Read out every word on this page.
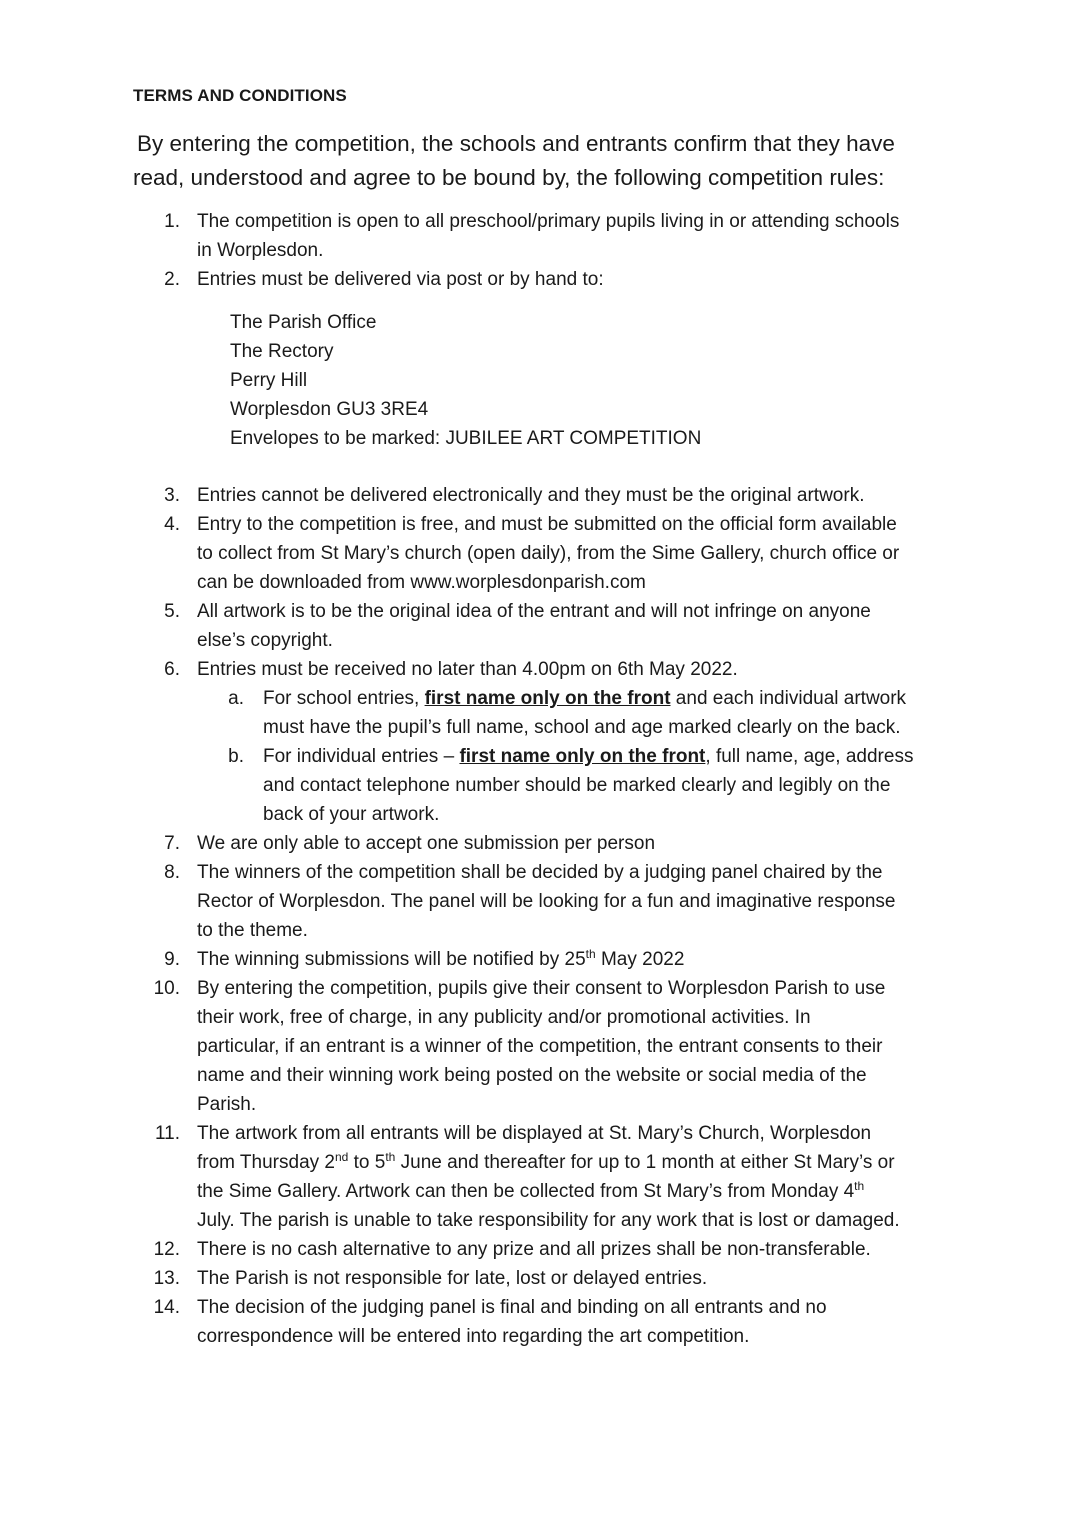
TERMS AND CONDITIONS

By entering the competition, the schools and entrants confirm that they have

read, understood and agree to be bound by, the following competition rules:

1. The competition is open to all preschool/primary pupils living in or attending schools
in Worplesdon.
2. Entries must be delivered via post or by hand to:
The Parish Office
The Rectory
Perry Hill
Worplesdon GU3 3RE4
Envelopes to be marked: JUBILEE ART COMPETITION
3. Entries cannot be delivered electronically and they must be the original artwork.
4. Entry to the competition is free, and must be submitted on the official form available
to collect from St Mary’s church (open daily), from the Sime Gallery, church office or
can be downloaded from www.worplesdonparish.com
5. All artwork is to be the original idea of the entrant and will not infringe on anyone
else’s copyright.
6. Entries must be received no later than 4.00pm on 6th May 2022.
a. For school entries, first name only on the front and each individual artwork
must have the pupil’s full name, school and age marked clearly on the back.
b. For individual entries – first name only on the front, full name, age, address
and contact telephone number should be marked clearly and legibly on the
back of your artwork.
7. We are only able to accept one submission per person
8. The winners of the competition shall be decided by a judging panel chaired by the
Rector of Worplesdon. The panel will be looking for a fun and imaginative response
to the theme.
9. The winning submissions will be notified by 25th May 2022
10. By entering the competition, pupils give their consent to Worplesdon Parish to use
their work, free of charge, in any publicity and/or promotional activities. In
particular, if an entrant is a winner of the competition, the entrant consents to their
name and their winning work being posted on the website or social media of the
Parish.
11. The artwork from all entrants will be displayed at St. Mary’s Church, Worplesdon
from Thursday 2nd to 5th June and thereafter for up to 1 month at either St Mary’s or
the Sime Gallery. Artwork can then be collected from St Mary’s from Monday 4th
July. The parish is unable to take responsibility for any work that is lost or damaged.
12. There is no cash alternative to any prize and all prizes shall be non-transferable.
13. The Parish is not responsible for late, lost or delayed entries.
14. The decision of the judging panel is final and binding on all entrants and no
correspondence will be entered into regarding the art competition.
